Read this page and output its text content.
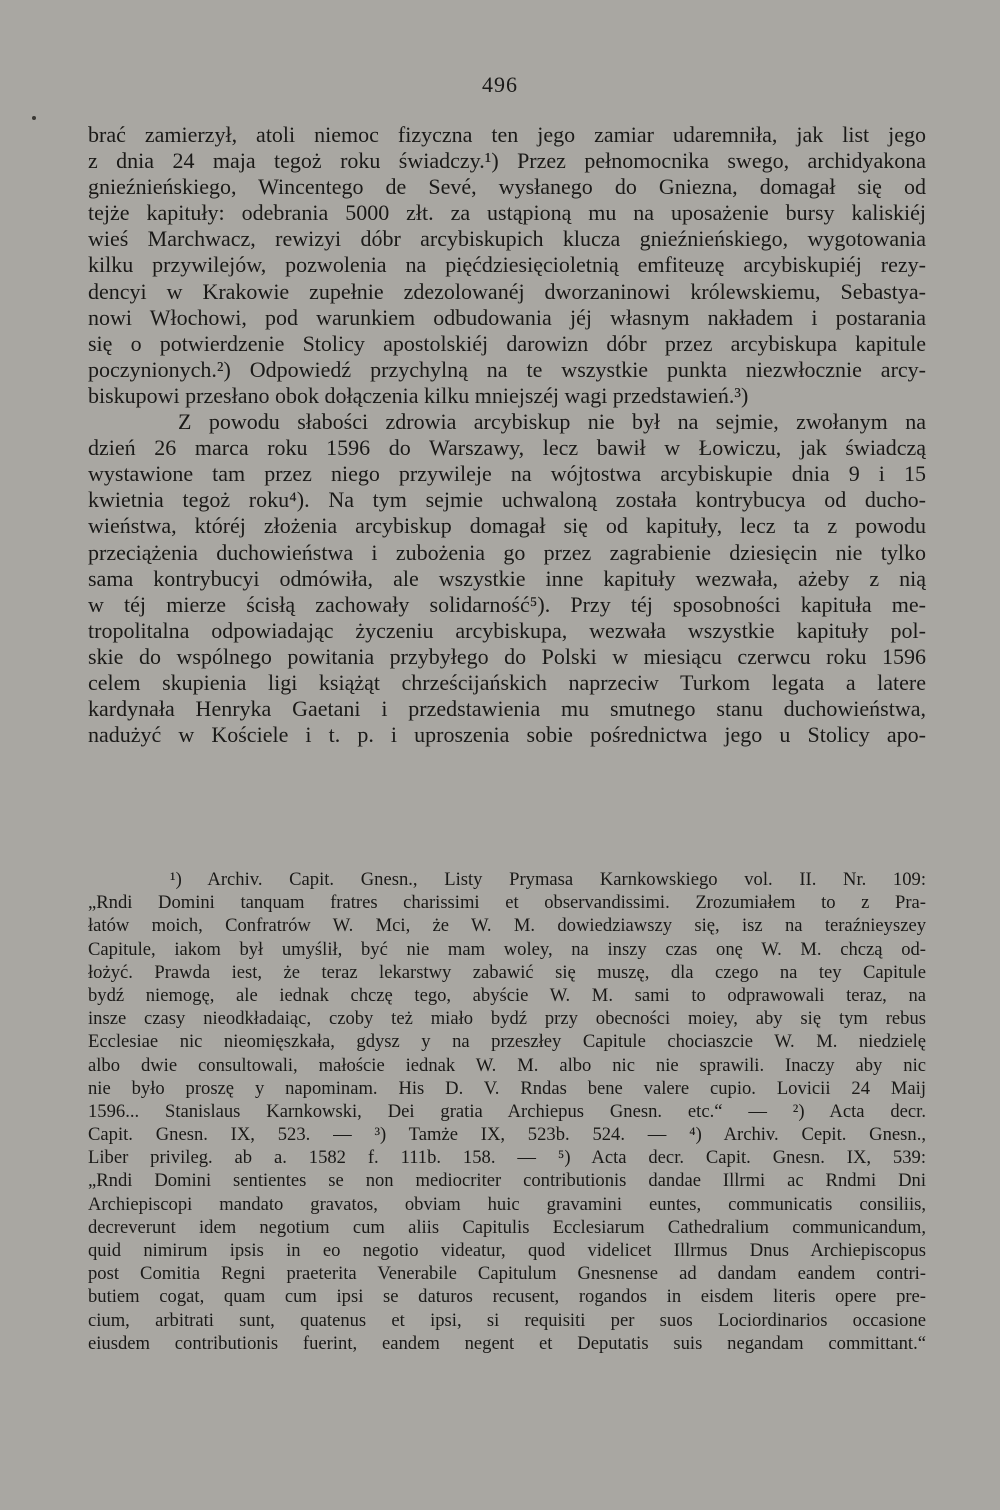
496
brać zamierzył, atoli niemoc fizyczna ten jego zamiar udaremniła, jak list jego
z dnia 24 maja tegoż roku świadczy.¹) Przez pełnomocnika swego, archidyakona
gnieźnieńskiego, Wincentego de Sevé, wysłanego do Gniezna, domagał się od
tejże kapituły: odebrania 5000 złt. za ustąpioną mu na uposażenie bursy kaliskiéj
wieś Marchwacz, rewizyi dóbr arcybiskupich klucza gnieźnieńskiego, wygotowania
kilku przywilejów, pozwolenia na pięćdziesięcioletnią emfiteuzę arcybiskupiéj rezy-
dencyi w Krakowie zupełnie zdezolowanéj dworzaninowi królewskiemu, Sebastya-
nowi Włochowi, pod warunkiem odbudowania jéj własnym nakładem i postarania
się o potwierdzenie Stolicy apostolskiéj darowizn dóbr przez arcybiskupa kapitule
poczynionych.²) Odpowiedź przychylną na te wszystkie punkta niezwłocznie arcy-
biskupowi przesłano obok dołączenia kilku mniejszéj wagi przedstawień.³)
Z powodu słabości zdrowia arcybiskup nie był na sejmie, zwołanym na
dzień 26 marca roku 1596 do Warszawy, lecz bawił w Łowiczu, jak świadczą
wystawione tam przez niego przywileje na wójtostwa arcybiskupie dnia 9 i 15
kwietnia tegoż roku⁴). Na tym sejmie uchwaloną została kontrybucya od ducho-
wieństwa, któréj złożenia arcybiskup domagał się od kapituły, lecz ta z powodu
przeciążenia duchowieństwa i zubożenia go przez zagrabienie dziesięcin nie tylko
sama kontrybucyi odmówiła, ale wszystkie inne kapituły wezwała, ażeby z nią
w téj mierze ścisłą zachowały solidarność⁵). Przy téj sposobności kapituła me-
tropolitalna odpowiadając życzeniu arcybiskupa, wezwała wszystkie kapituły pol-
skie do wspólnego powitania przybyłego do Polski w miesiącu czerwcu roku 1596
celem skupienia ligi książąt chrześcijańskich naprzeciw Turkom legata a latere
kardynała Henryka Gaetani i przedstawienia mu smutnego stanu duchowieństwa,
nadużyć w Kościele i t. p. i uproszenia sobie pośrednictwa jego u Stolicy apo-
¹) Archiv. Capit. Gnesn., Listy Prymasa Karnkowskiego vol. II. Nr. 109:
„Rndi Domini tanquam fratres charissimi et observandissimi. Zrozumiałem to z Pra-
łatów moich, Confratrów W. Mci, że W. M. dowiedziawszy się, isz na teraźnieyszey
Capitule, iakom był umyślił, być nie mam woley, na inszy czas onę W. M. chczą od-
łożyć. Prawda iest, że teraz lekarstwy zabawić się muszę, dla czego na tey Capitule
bydź niemogę, ale iednak chczę tego, abyście W. M. sami to odprawowali teraz, na
insze czasy nieodkładaiąc, czoby też miało bydź przy obecności moiey, aby się tym rebus
Ecclesiae nic nieomięszkała, gdysz y na przeszłey Capitule chociaszcie W. M. niedzielę
albo dwie consultowali, małoście iednak W. M. albo nic nie sprawili. Inaczy aby nic
nie było proszę y napominam. His D. V. Rndas bene valere cupio. Lovicii 24 Maij
1596... Stanislaus Karnkowski, Dei gratia Archiepus Gnesn. etc.“ — ²) Acta decr.
Capit. Gnesn. IX, 523. — ³) Tamże IX, 523b. 524. — ⁴) Archiv. Cepit. Gnesn.,
Liber privileg. ab a. 1582 f. 111b. 158. — ⁵) Acta decr. Capit. Gnesn. IX, 539:
„Rndi Domini sentientes se non mediocriter contributionis dandae Illrmi ac Rndmi Dni
Archiepiscopi mandato gravatos, obviam huic gravamini euntes, communicatis consiliis,
decreverunt idem negotium cum aliis Capitulis Ecclesiarum Cathedralium communicandum,
quid nimirum ipsis in eo negotio videatur, quod videlicet Illrmus Dnus Archiepiscopus
post Comitia Regni praeterita Venerabile Capitulum Gnesnense ad dandam eandem contri-
butiem cogat, quam cum ipsi se daturos recusent, rogandos in eisdem literis opere pre-
cium, arbitrati sunt, quatenus et ipsi, si requisiti per suos Lociordinarios occasione
eiusdem contributionis fuerint, eandem negent et Deputatis suis negandam committant.“
